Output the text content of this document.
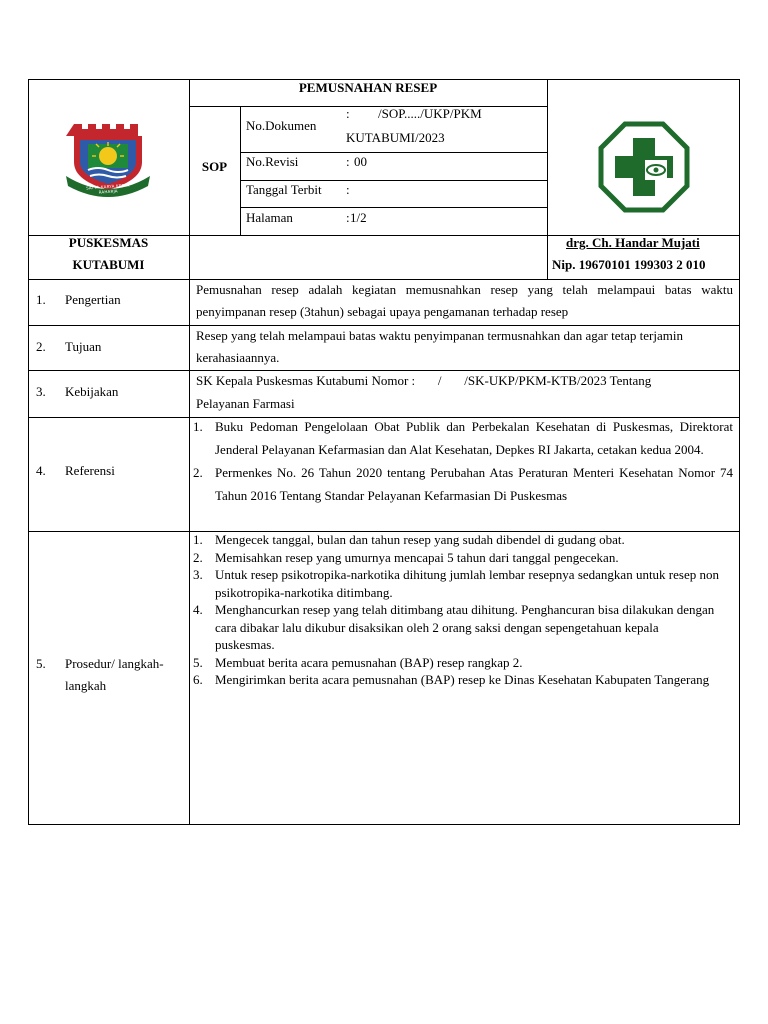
SATYA KARYA KERTA RAHARJA
PEMUSNAHAN RESEP
SOP
No.Dokumen
: /SOP...../UKP/PKM
KUTABUMI/2023
No.Revisi	: 00
Tanggal Terbit :
Halaman	: 1/2
PUSKESMAS
KUTABUMI
drg. Ch. Handar Mujati
Nip. 19670101 199303 2 010
1. Pengertian
Pemusnahan resep adalah kegiatan memusnahkan resep yang telah melampaui batas waktu penyimpanan resep (3tahun) sebagai upaya pengamanan terhadap resep
2. Tujuan
Resep yang telah melampaui batas waktu penyimpanan termusnahkan dan agar tetap terjamin kerahasiaannya.
3. Kebijakan
SK Kepala Puskesmas Kutabumi Nomor :       /       /SK-UKP/PKM-KTB/2023 Tentang
Pelayanan Farmasi
4. Referensi
1. Buku Pedoman Pengelolaan Obat Publik dan Perbekalan Kesehatan di Puskesmas, Direktorat Jenderal Pelayanan Kefarmasian dan Alat Kesehatan, Depkes RI Jakarta, cetakan kedua 2004.
2. Permenkes No. 26 Tahun 2020 tentang Perubahan Atas Peraturan Menteri Kesehatan Nomor 74 Tahun 2016 Tentang Standar Pelayanan Kefarmasian Di Puskesmas
5. Prosedur/ langkah-
langkah
1. Mengecek tanggal, bulan dan tahun resep yang sudah dibendel di gudang obat.
2. Memisahkan resep yang umurnya mencapai 5 tahun dari tanggal pengecekan.
3. Untuk resep psikotropika-narkotika dihitung jumlah lembar resepnya sedangkan untuk resep non psikotropika-narkotika ditimbang.
4. Menghancurkan resep yang telah ditimbang atau dihitung. Penghancuran bisa dilakukan dengan cara dibakar lalu dikubur disaksikan oleh 2 orang saksi dengan sepengetahuan kepala puskesmas.
5. Membuat berita acara pemusnahan (BAP) resep rangkap 2.
6. Mengirimkan berita acara pemusnahan (BAP) resep ke Dinas Kesehatan Kabupaten Tangerang
